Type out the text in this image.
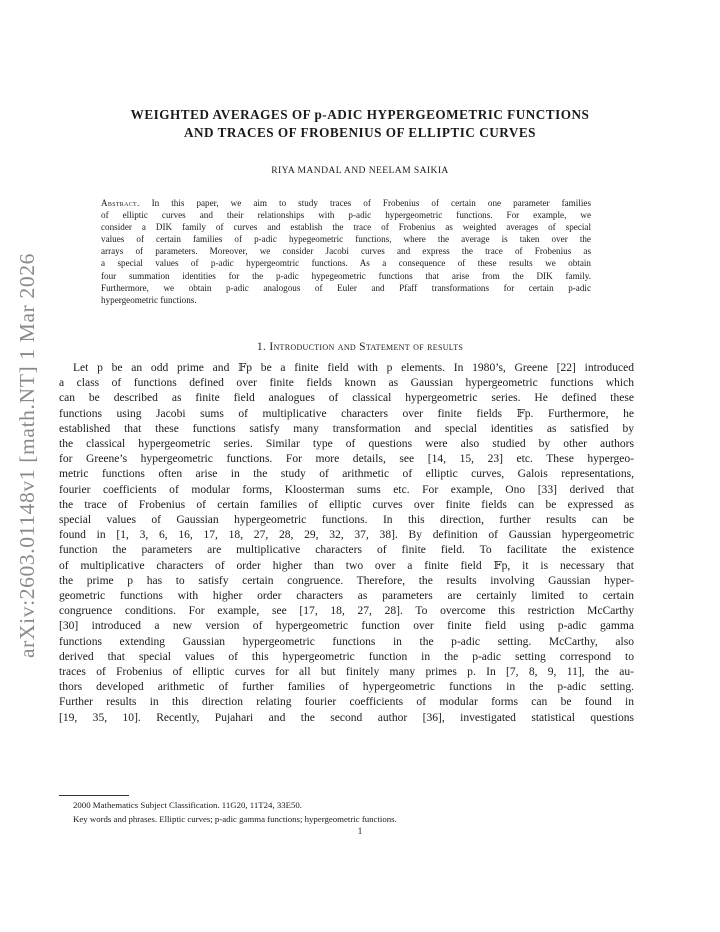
arXiv:2603.01148v1 [math.NT] 1 Mar 2026
WEIGHTED AVERAGES OF p-ADIC HYPERGEOMETRIC FUNCTIONS
AND TRACES OF FROBENIUS OF ELLIPTIC CURVES
RIYA MANDAL AND NEELAM SAIKIA
Abstract. In this paper, we aim to study traces of Frobenius of certain one parameter families
of elliptic curves and their relationships with p-adic hypergeometric functions. For example, we
consider a DIK family of curves and establish the trace of Frobenius as weighted averages of special
values of certain families of p-adic hypegeometric functions, where the average is taken over the
arrays of parameters. Moreover, we consider Jacobi curves and express the trace of Frobenius as
a special values of p-adic hypergeomtric functions. As a consequence of these results we obtain
four summation identities for the p-adic hypegeometric functions that arise from the DIK family.
Furthermore, we obtain p-adic analogous of Euler and Pfaff transformations for certain p-adic
hypergeometric functions.
1. Introduction and Statement of results
Let p be an odd prime and 𝔽p be a finite field with p elements. In 1980’s, Greene [22] introduced
a class of functions defined over finite fields known as Gaussian hypergeometric functions which
can be described as finite field analogues of classical hypergeometric series. He defined these
functions using Jacobi sums of multiplicative characters over finite fields 𝔽p. Furthermore, he
established that these functions satisfy many transformation and special identities as satisfied by
the classical hypergeometric series. Similar type of questions were also studied by other authors
for Greene’s hypergeometric functions. For more details, see [14, 15, 23] etc. These hypergeo-
metric functions often arise in the study of arithmetic of elliptic curves, Galois representations,
fourier coefficients of modular forms, Kloosterman sums etc. For example, Ono [33] derived that
the trace of Frobenius of certain families of elliptic curves over finite fields can be expressed as
special values of Gaussian hypergeometric functions. In this direction, further results can be
found in [1, 3, 6, 16, 17, 18, 27, 28, 29, 32, 37, 38]. By definition of Gaussian hypergeometric
function the parameters are multiplicative characters of finite field. To facilitate the existence
of multiplicative characters of order higher than two over a finite field 𝔽p, it is necessary that
the prime p has to satisfy certain congruence. Therefore, the results involving Gaussian hyper-
geometric functions with higher order characters as parameters are certainly limited to certain
congruence conditions. For example, see [17, 18, 27, 28]. To overcome this restriction McCarthy
[30] introduced a new version of hypergeometric function over finite field using p-adic gamma
functions extending Gaussian hypergeometric functions in the p-adic setting. McCarthy, also
derived that special values of this hypergeometric function in the p-adic setting correspond to
traces of Frobenius of elliptic curves for all but finitely many primes p. In [7, 8, 9, 11], the au-
thors developed arithmetic of further families of hypergeometric functions in the p-adic setting.
Further results in this direction relating fourier coefficients of modular forms can be found in
[19, 35, 10]. Recently, Pujahari and the second author [36], investigated statistical questions
2000 Mathematics Subject Classification. 11G20, 11T24, 33E50.
Key words and phrases. Elliptic curves; p-adic gamma functions; hypergeometric functions.
1
